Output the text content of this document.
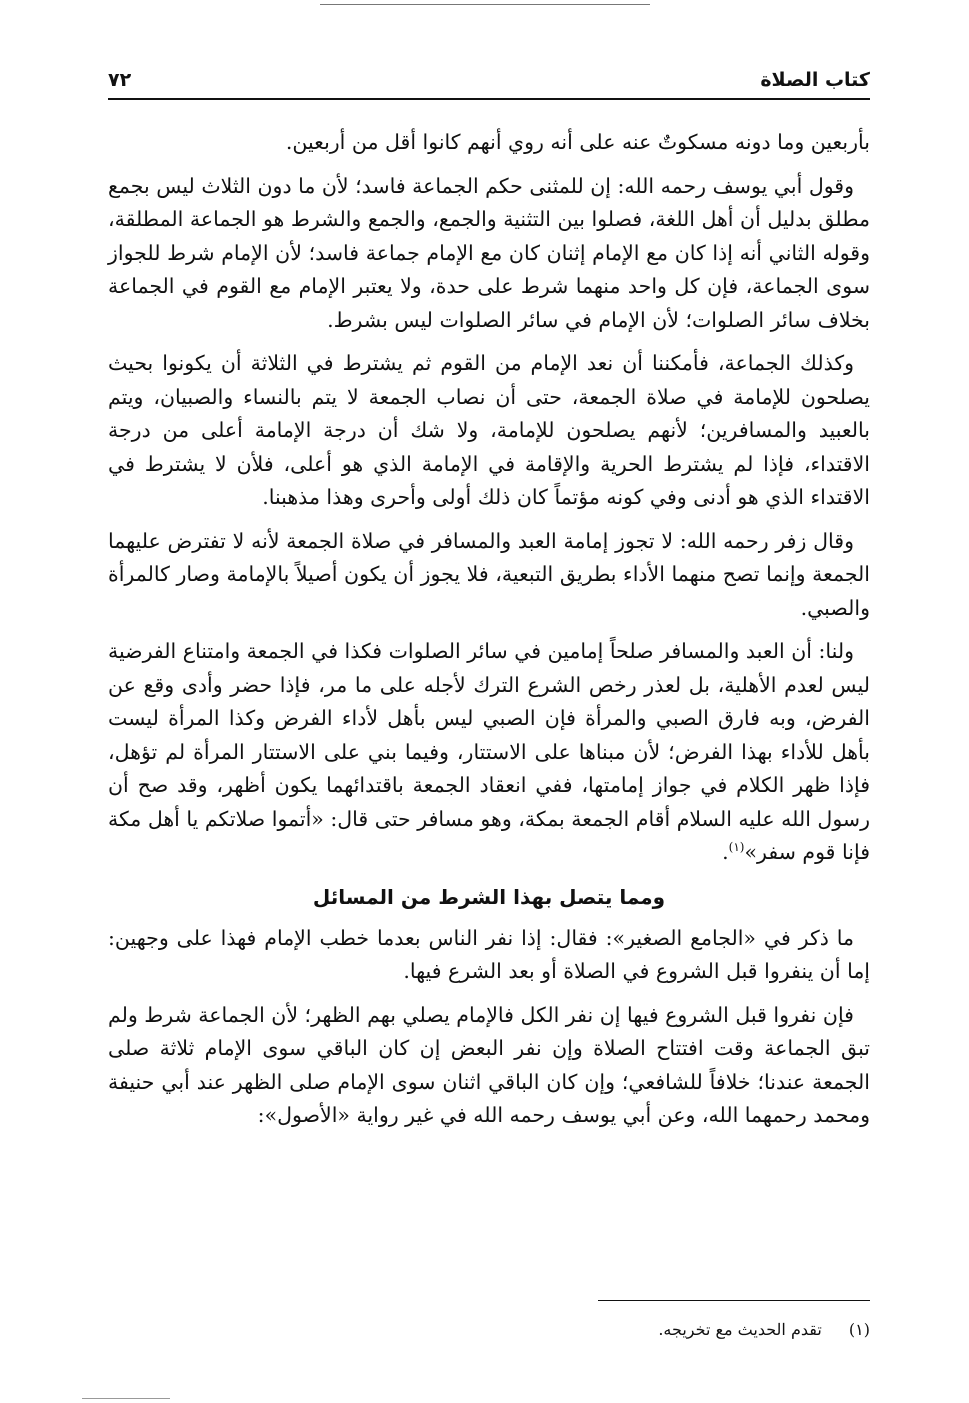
كتاب الصلاة
٧٢

بأربعين وما دونه مسكوتٌ عنه على أنه روي أنهم كانوا أقل من أربعين.

وقول أبي يوسف رحمه الله: إن للمثنى حكم الجماعة فاسد؛ لأن ما دون الثلاث ليس بجمع مطلق بدليل أن أهل اللغة، فصلوا بين التثنية والجمع، والجمع والشرط هو الجماعة المطلقة، وقوله الثاني أنه إذا كان مع الإمام إثنان كان مع الإمام جماعة فاسد؛ لأن الإمام شرط للجواز سوى الجماعة، فإن كل واحد منهما شرط على حدة، ولا يعتبر الإمام مع القوم في الجماعة بخلاف سائر الصلوات؛ لأن الإمام في سائر الصلوات ليس بشرط.

وكذلك الجماعة، فأمكننا أن نعد الإمام من القوم ثم يشترط في الثلاثة أن يكونوا بحيث يصلحون للإمامة في صلاة الجمعة، حتى أن نصاب الجمعة لا يتم بالنساء والصبيان، ويتم بالعبيد والمسافرين؛ لأنهم يصلحون للإمامة، ولا شك أن درجة الإمامة أعلى من درجة الاقتداء، فإذا لم يشترط الحرية والإقامة في الإمامة الذي هو أعلى، فلأن لا يشترط في الاقتداء الذي هو أدنى وفي كونه مؤتماً كان ذلك أولى وأحرى وهذا مذهبنا.

وقال زفر رحمه الله: لا تجوز إمامة العبد والمسافر في صلاة الجمعة لأنه لا تفترض عليهما الجمعة وإنما تصح منهما الأداء بطريق التبعية، فلا يجوز أن يكون أصيلاً بالإمامة وصار كالمرأة والصبي.

ولنا: أن العبد والمسافر صلحاً إمامين في سائر الصلوات فكذا في الجمعة وامتناع الفرضية ليس لعدم الأهلية، بل لعذر رخص الشرع الترك لأجله على ما مر، فإذا حضر وأدى وقع عن الفرض، وبه فارق الصبي والمرأة فإن الصبي ليس بأهل لأداء الفرض وكذا المرأة ليست بأهل للأداء بهذا الفرض؛ لأن مبناها على الاستتار، وفيما بني على الاستتار المرأة لم تؤهل، فإذا ظهر الكلام في جواز إمامتها، ففي انعقاد الجمعة باقتدائهما يكون أظهر، وقد صح أن رسول الله عليه السلام أقام الجمعة بمكة، وهو مسافر حتى قال: «أتموا صلاتكم يا أهل مكة فإنا قوم سفر»$^{(١)}$.

ومما يتصل بهذا الشرط من المسائل

ما ذكر في «الجامع الصغير»: فقال: إذا نفر الناس بعدما خطب الإمام فهذا على وجهين: إما أن ينفروا قبل الشروع في الصلاة أو بعد الشرع فيها.

فإن نفروا قبل الشروع فيها إن نفر الكل فالإمام يصلي بهم الظهر؛ لأن الجماعة شرط ولم تبق الجماعة وقت افتتاح الصلاة وإن نفر البعض إن كان الباقي سوى الإمام ثلاثة صلى الجمعة عندنا؛ خلافاً للشافعي؛ وإن كان الباقي اثنان سوى الإمام صلى الظهر عند أبي حنيفة ومحمد رحمهما الله، وعن أبي يوسف رحمه الله في غير رواية «الأصول»:

(١) تقدم الحديث مع تخريجه.
